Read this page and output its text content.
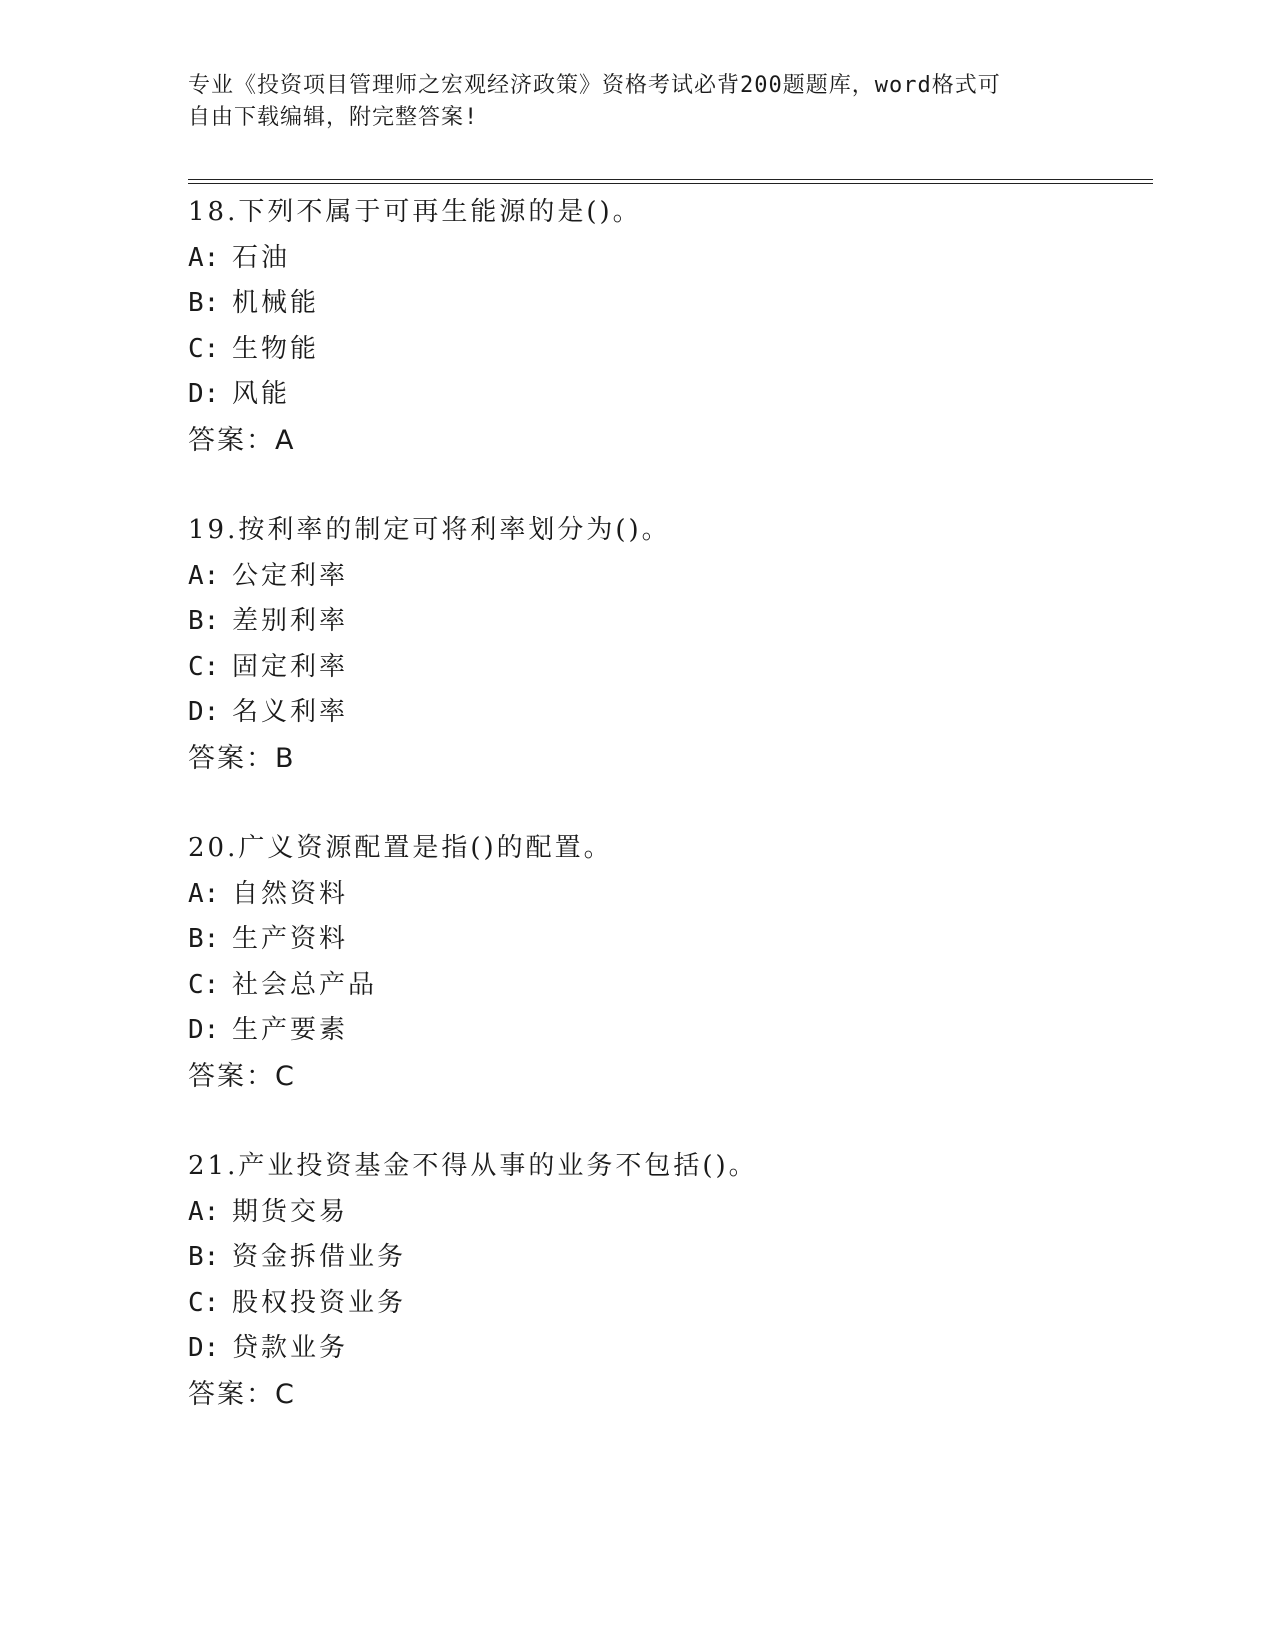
专业《投资项目管理师之宏观经济政策》资格考试必背200题题库，word格式可
自由下载编辑，附完整答案!
18.下列不属于可再生能源的是()。
A: 石油
B: 机械能
C: 生物能
D: 风能
答案：A
19.按利率的制定可将利率划分为()。
A: 公定利率
B: 差别利率
C: 固定利率
D: 名义利率
答案：B
20.广义资源配置是指()的配置。
A: 自然资料
B: 生产资料
C: 社会总产品
D: 生产要素
答案：C
21.产业投资基金不得从事的业务不包括()。
A: 期货交易
B: 资金拆借业务
C: 股权投资业务
D: 贷款业务
答案：C
